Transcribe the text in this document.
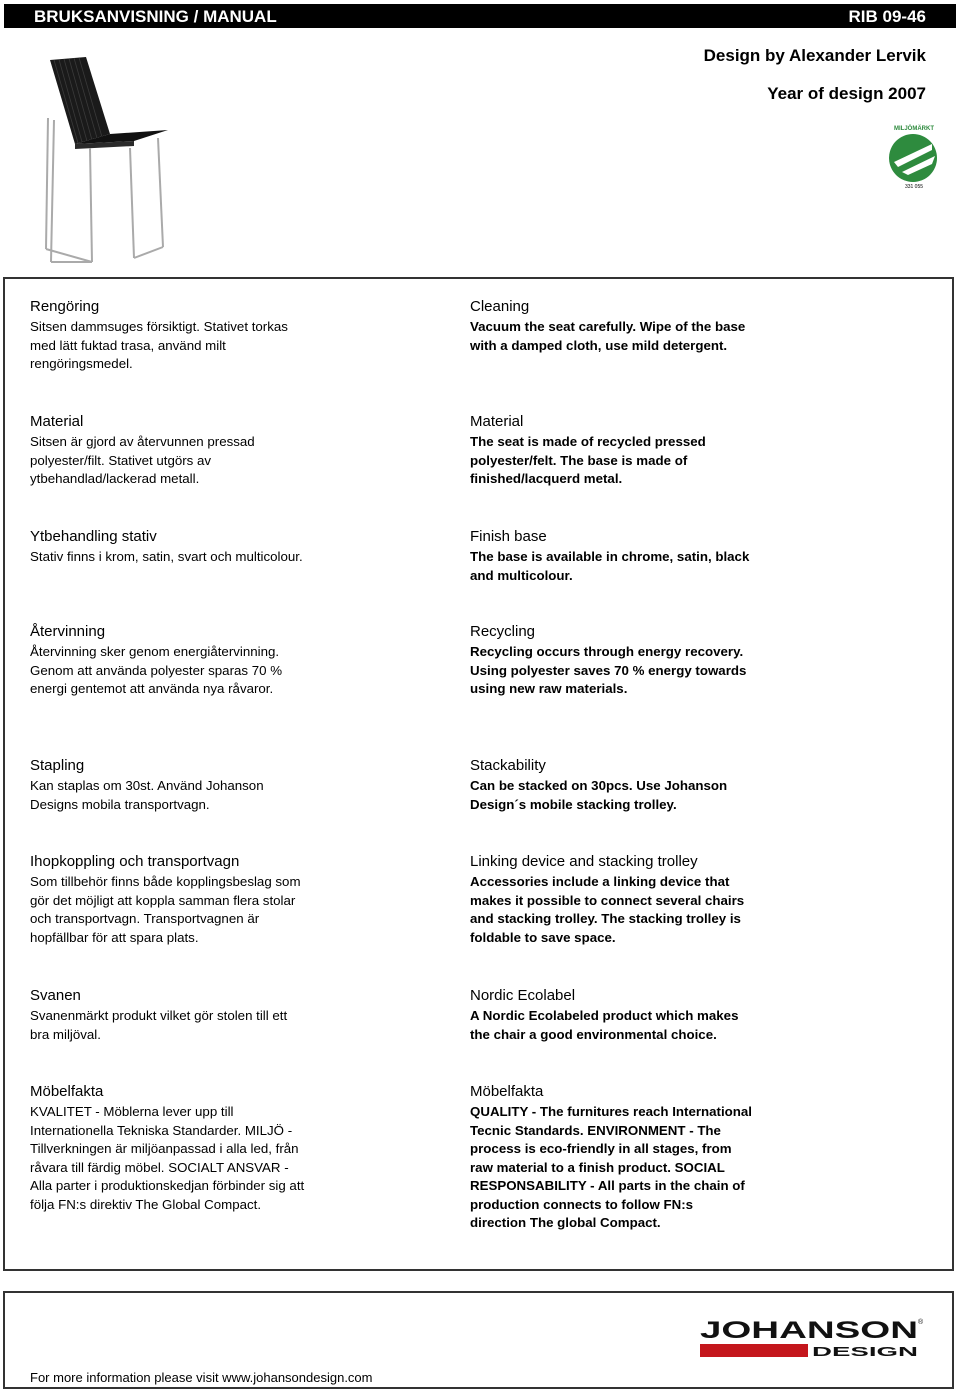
BRUKSANVISNING / MANUAL	RIB 09-46
Design by Alexander Lervik
Year of design 2007
MILJÖMÄRKT
331 055
Rengöring
Sitsen dammsuges försiktigt. Stativet torkas
med lätt fuktad trasa, använd milt
rengöringsmedel.
Cleaning
Vacuum the seat carefully. Wipe of the base
with a damped cloth, use mild detergent.
Material
Sitsen är gjord av återvunnen pressad
polyester/filt. Stativet utgörs av
ytbehandlad/lackerad metall.
Material
The seat is made of recycled pressed
polyester/felt. The base is made of
finished/lacquerd metal.
Ytbehandling stativ
Stativ finns i krom, satin, svart och multicolour.
Finish base
The base is available in chrome, satin, black
and multicolour.
Återvinning
Återvinning sker genom energiåtervinning.
Genom att använda polyester sparas 70 %
energi gentemot att använda nya råvaror.
Recycling
Recycling occurs through energy recovery.
Using polyester saves 70 % energy towards
using new raw materials.
Stapling
Kan staplas om 30st. Använd Johanson
Designs mobila transportvagn.
Stackability
Can be stacked on 30pcs. Use Johanson
Design´s mobile stacking trolley.
Ihopkoppling och transportvagn
Som tillbehör finns både kopplingsbeslag som
gör det möjligt att koppla samman flera stolar
och transportvagn. Transportvagnen är
hopfällbar för att spara plats.
Linking device and stacking trolley
Accessories include a linking device that
makes it possible to connect several chairs
and stacking trolley. The stacking trolley is
foldable to save space.
Svanen
Svanenmärkt produkt vilket gör stolen till ett
bra miljöval.
Nordic Ecolabel
A Nordic Ecolabeled product which makes
the chair a good environmental choice.
Möbelfakta
KVALITET - Möblerna lever upp till
Internationella Tekniska Standarder. MILJÖ -
Tillverkningen är miljöanpassad i alla led, från
råvara till färdig möbel. SOCIALT ANSVAR -
Alla parter i produktionskedjan förbinder sig att
följa FN:s direktiv The Global Compact.
Möbelfakta
QUALITY - The furnitures reach International
Tecnic Standards. ENVIRONMENT - The
process is eco-friendly in all stages, from
raw material to a finish product. SOCIAL
RESPONSABILITY - All parts in the chain of
production connects to follow FN:s
direction The global Compact.
JOHANSON ®
DESIGN
For more information please visit www.johansondesign.com
